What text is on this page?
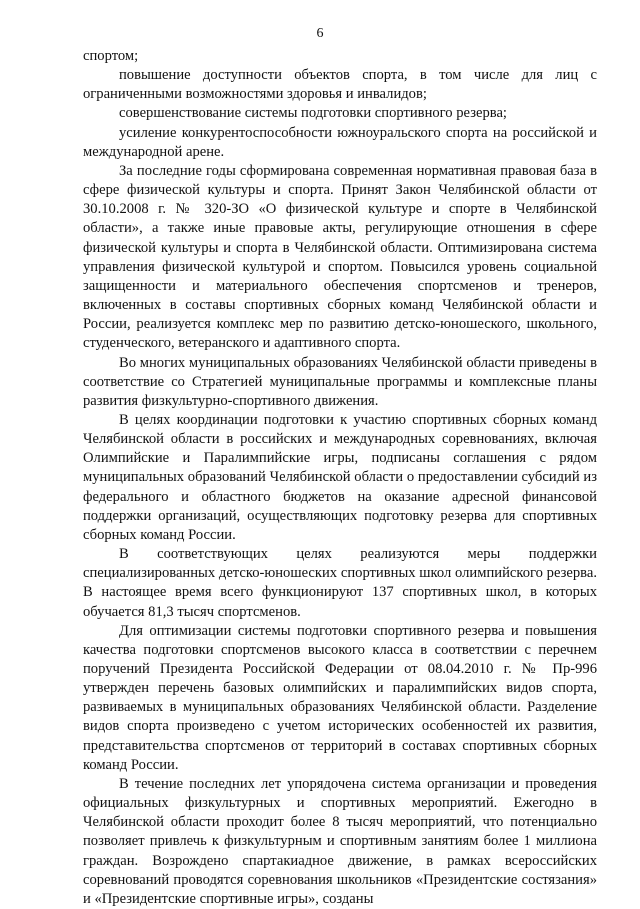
6

спортом;

повышение доступности объектов спорта, в том числе для лиц с ограниченными возможностями здоровья и инвалидов;

совершенствование системы подготовки спортивного резерва;

усиление конкурентоспособности южноуральского спорта на российской и международной арене.

За последние годы сформирована современная нормативная правовая база в сфере физической культуры и спорта. Принят Закон Челябинской области от 30.10.2008 г. № 320-ЗО «О физической культуре и спорте в Челябинской области», а также иные правовые акты, регулирующие отношения в сфере физической культуры и спорта в Челябинской области. Оптимизирована система управления физической культурой и спортом. Повысился уровень социальной защищенности и материального обеспечения спортсменов и тренеров, включенных в составы спортивных сборных команд Челябинской области и России, реализуется комплекс мер по развитию детско-юношеского, школьного, студенческого, ветеранского и адаптивного спорта.

Во многих муниципальных образованиях Челябинской области приведены в соответствие со Стратегией муниципальные программы и комплексные планы развития физкультурно-спортивного движения.

В целях координации подготовки к участию спортивных сборных команд Челябинской области в российских и международных соревнованиях, включая Олимпийские и Паралимпийские игры, подписаны соглашения с рядом муниципальных образований Челябинской области о предоставлении субсидий из федерального и областного бюджетов на оказание адресной финансовой поддержки организаций, осуществляющих подготовку резерва для спортивных сборных команд России.

В соответствующих целях реализуются меры поддержки специализированных детско-юношеских спортивных школ олимпийского резерва. В настоящее время всего функционируют 137 спортивных школ, в которых обучается 81,3 тысяч спортсменов.

Для оптимизации системы подготовки спортивного резерва и повышения качества подготовки спортсменов высокого класса в соответствии с перечнем поручений Президента Российской Федерации от 08.04.2010 г. № Пр-996 утвержден перечень базовых олимпийских и паралимпийских видов спорта, развиваемых в муниципальных образованиях Челябинской области. Разделение видов спорта произведено с учетом исторических особенностей их развития, представительства спортсменов от территорий в составах спортивных сборных команд России.

В течение последних лет упорядочена система организации и проведения официальных физкультурных и спортивных мероприятий. Ежегодно в Челябинской области проходит более 8 тысяч мероприятий, что потенциально позволяет привлечь к физкультурным и спортивным занятиям более 1 миллиона граждан. Возрождено спартакиадное движение, в рамках всероссийских соревнований проводятся соревнования школьников «Президентские состязания» и «Президентские спортивные игры», созданы
